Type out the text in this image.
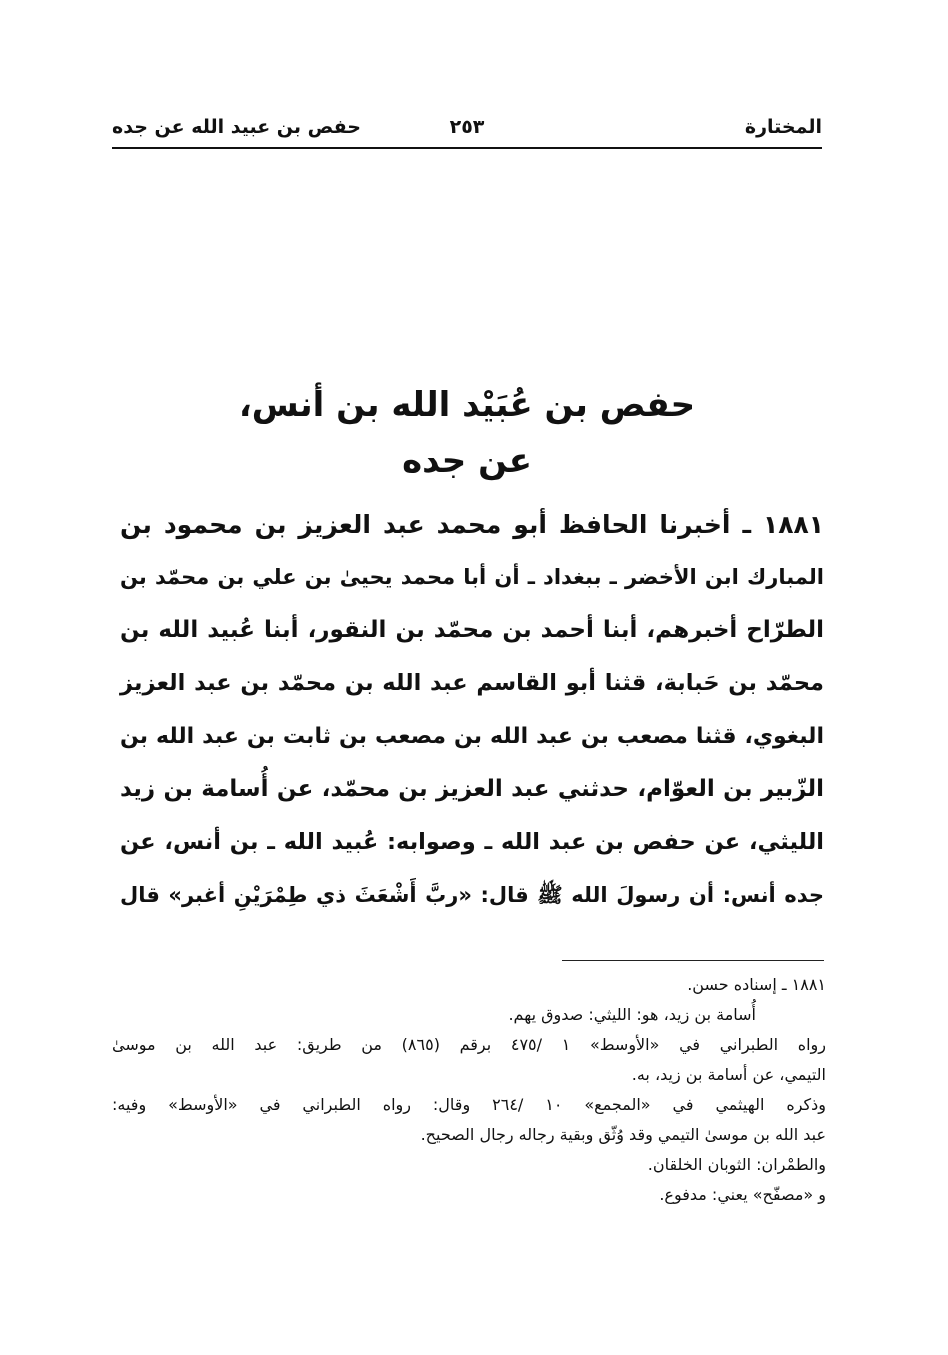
المختارة
٢٥٣
حفص بن عبيد الله عن جده
حفص بن عُبَيْد الله بن أنس،
عن جده
١٨٨١ ـ أخبرنا الحافظ أبو محمد عبد العزيز بن محمود بن
المبارك ابن الأخضر ـ ببغداد ـ أن أبا محمد يحيىٰ بن علي بن محمّد بن
الطرّاح أخبرهم، أبنا أحمد بن محمّد بن النقور، أبنا عُبيد الله بن
محمّد بن حَبابة، قثنا أبو القاسم عبد الله بن محمّد بن عبد العزيز
البغوي، قثنا مصعب بن عبد الله بن مصعب بن ثابت بن عبد الله بن
الزّبير بن العوّام، حدثني عبد العزيز بن محمّد، عن أُسامة بن زيد
الليثي، عن حفص بن عبد الله ـ وصوابه: عُبيد الله ـ بن أنس، عن
جده أنس: أن رسولَ الله ﷺ قال: «ربَّ أَشْعَثَ ذي طِمْرَيْنِ أغبر» قال
١٨٨١ ـ إسناده حسن.
أُسامة بن زيد، هو: الليثي: صدوق يهم.
رواه الطبراني في «الأوسط» ١ /٤٧٥ برقم (٨٦٥) من طريق: عبد الله بن موسىٰ
التيمي، عن أسامة بن زيد، به.
وذكره الهيثمي في «المجمع» ١٠ /٢٦٤ وقال: رواه الطبراني في «الأوسط» وفيه:
عبد الله بن موسىٰ التيمي وقد وُثّق وبقية رجاله رجال الصحيح.
والطمْران: الثوبان الخلقان.
و «مصفّح» يعني: مدفوع.
